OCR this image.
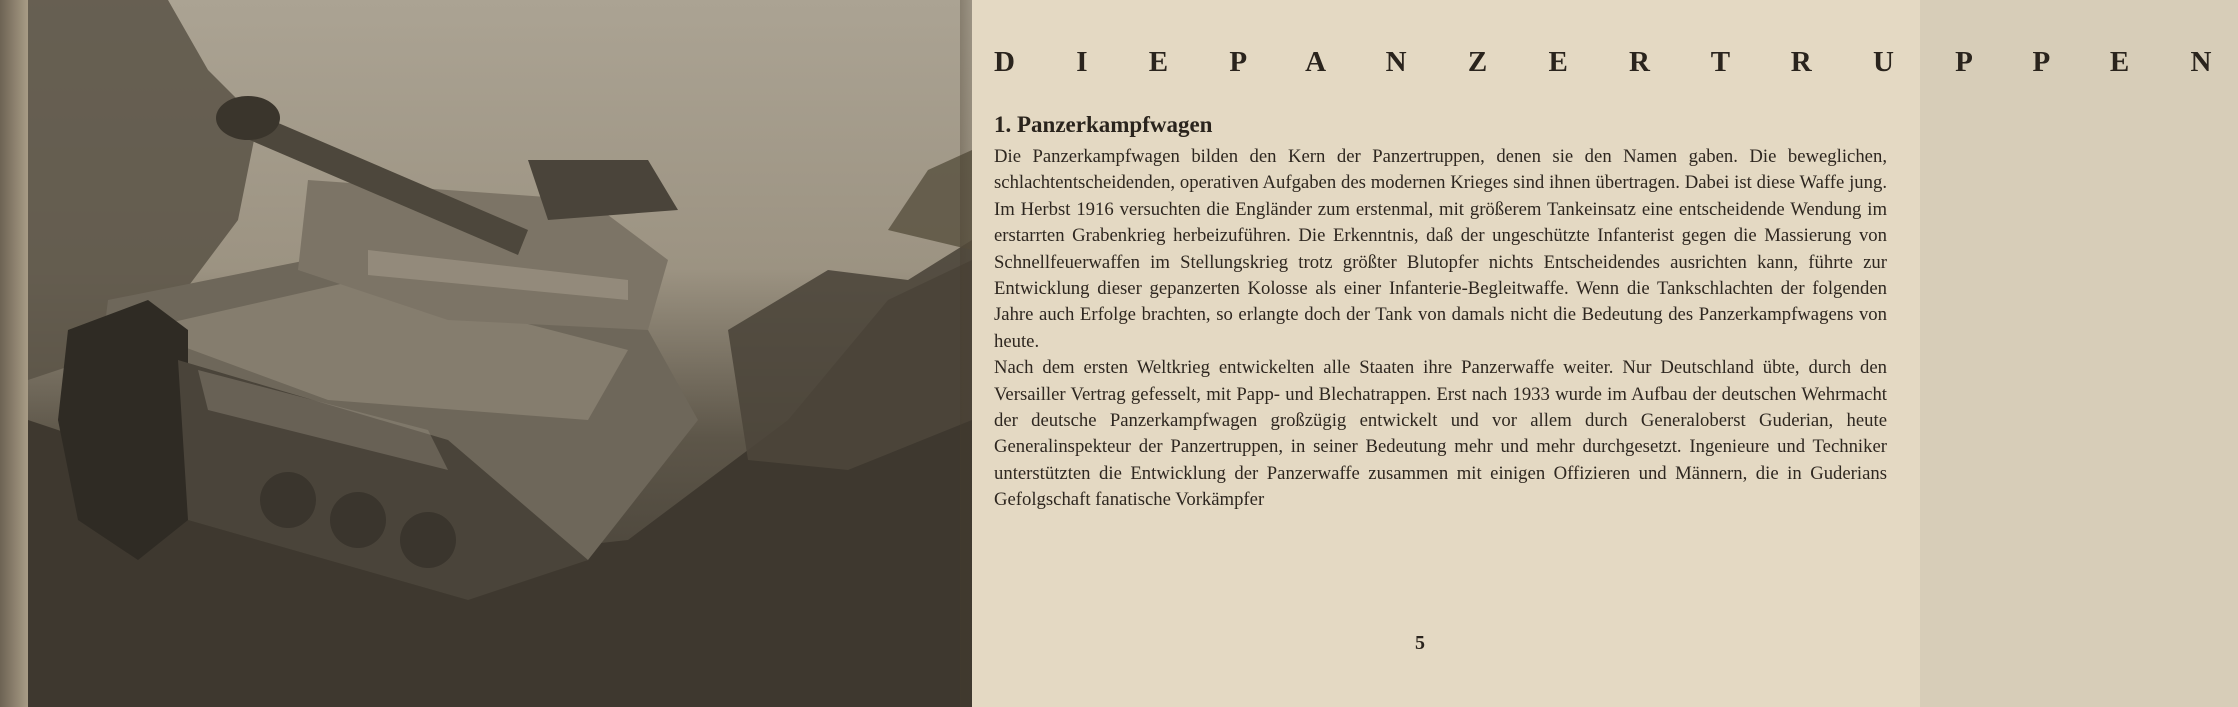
D I E P A N Z E R T R U P P E N
1. Panzerkampfwagen

Die Panzerkampfwagen bilden den Kern der Panzertruppen, denen sie den Namen gaben. Die beweglichen, schlachtentscheidenden, operativen Aufgaben des modernen Krieges sind ihnen übertragen. Dabei ist diese Waffe jung. Im Herbst 1916 versuchten die Engländer zum erstenmal, mit größerem Tankeinsatz eine entscheidende Wendung im erstarrten Grabenkrieg herbeizuführen. Die Erkenntnis, daß der ungeschützte Infanterist gegen die Massierung von Schnellfeuerwaffen im Stellungskrieg trotz größter Blutopfer nichts Entscheidendes ausrichten kann, führte zur Entwicklung dieser gepanzerten Kolosse als einer Infanterie-Begleitwaffe. Wenn die Tankschlachten der folgenden Jahre auch Erfolge brachten, so erlangte doch der Tank von damals nicht die Bedeutung des Panzerkampfwagens von heute.

Nach dem ersten Weltkrieg entwickelten alle Staaten ihre Panzerwaffe weiter. Nur Deutschland übte, durch den Versailler Vertrag gefesselt, mit Papp- und Blechatrappen. Erst nach 1933 wurde im Aufbau der deutschen Wehrmacht der deutsche Panzerkampfwagen großzügig entwickelt und vor allem durch Generaloberst Guderian, heute Generalinspekteur der Panzertruppen, in seiner Bedeutung mehr und mehr durchgesetzt. Ingenieure und Techniker unterstützten die Entwicklung der Panzerwaffe zusammen mit einigen Offizieren und Männern, die in Guderians Gefolgschaft fanatische Vorkämpfer

5
